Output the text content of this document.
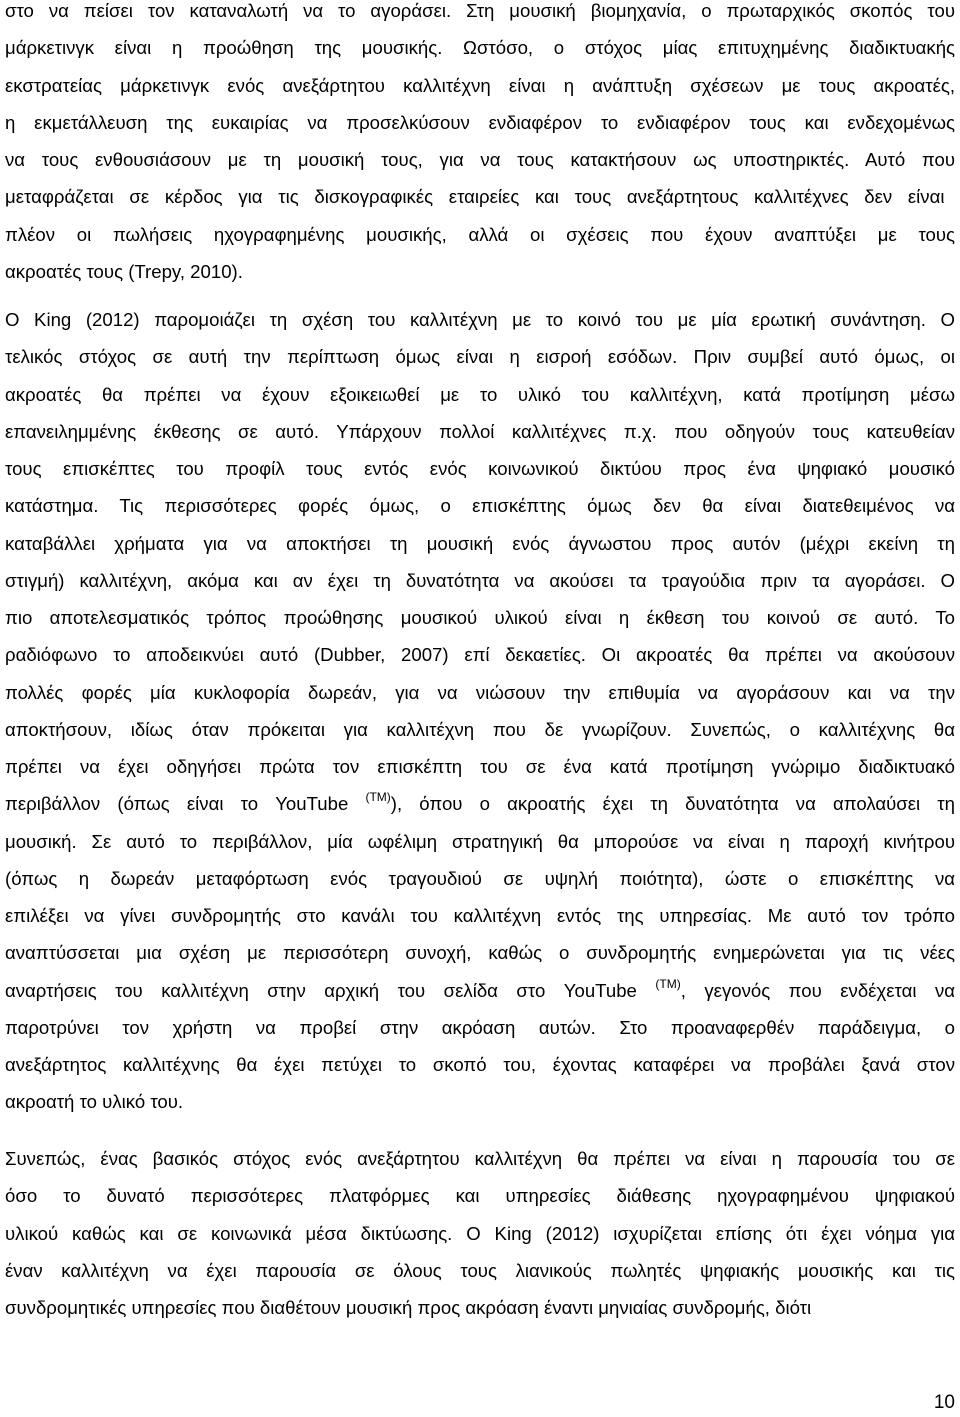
στο να πείσει τον καταναλωτή να το αγοράσει. Στη μουσική βιομηχανία, ο πρωταρχικός σκοπός του
μάρκετινγκ είναι η προώθηση της μουσικής. Ωστόσο, ο στόχος μίας επιτυχημένης διαδικτυακής
εκστρατείας μάρκετινγκ ενός ανεξάρτητου καλλιτέχνη είναι η ανάπτυξη σχέσεων με τους ακροατές,
η εκμετάλλευση της ευκαιρίας να προσελκύσουν ενδιαφέρον το ενδιαφέρον τους και ενδεχομένως
να τους ενθουσιάσουν με τη μουσική τους, για να τους κατακτήσουν ως υποστηρικτές. Αυτό που
μεταφράζεται σε κέρδος για τις δισκογραφικές εταιρείες και τους ανεξάρτητους καλλιτέχνες δεν είναι
πλέον οι πωλήσεις ηχογραφημένης μουσικής, αλλά οι σχέσεις που έχουν αναπτύξει με τους
ακροατές τους (Trepy, 2010).
Ο King (2012) παρομοιάζει τη σχέση του καλλιτέχνη με το κοινό του με μία ερωτική συνάντηση. Ο
τελικός στόχος σε αυτή την περίπτωση όμως είναι η εισροή εσόδων. Πριν συμβεί αυτό όμως, οι
ακροατές θα πρέπει να έχουν εξοικειωθεί με το υλικό του καλλιτέχνη, κατά προτίμηση μέσω
επανειλημμένης έκθεσης σε αυτό. Υπάρχουν πολλοί καλλιτέχνες π.χ. που οδηγούν τους κατευθείαν
τους επισκέπτες του προφίλ τους εντός ενός κοινωνικού δικτύου προς ένα ψηφιακό μουσικό
κατάστημα. Τις περισσότερες φορές όμως, ο επισκέπτης όμως δεν θα είναι διατεθειμένος να
καταβάλλει χρήματα για να αποκτήσει τη μουσική ενός άγνωστου προς αυτόν (μέχρι εκείνη τη
στιγμή) καλλιτέχνη, ακόμα και αν έχει τη δυνατότητα να ακούσει τα τραγούδια πριν τα αγοράσει. Ο
πιο αποτελεσματικός τρόπος προώθησης μουσικού υλικού είναι η έκθεση του κοινού σε αυτό. Το
ραδιόφωνο το αποδεικνύει αυτό (Dubber, 2007) επί δεκαετίες. Οι ακροατές θα πρέπει να ακούσουν
πολλές φορές μία κυκλοφορία δωρεάν, για να νιώσουν την επιθυμία να αγοράσουν και να την
αποκτήσουν, ιδίως όταν πρόκειται για καλλιτέχνη που δε γνωρίζουν. Συνεπώς, ο καλλιτέχνης θα
πρέπει να έχει οδηγήσει πρώτα τον επισκέπτη του σε ένα κατά προτίμηση γνώριμο διαδικτυακό
περιβάλλον (όπως είναι το YouTube $^{(TM)}$), όπου ο ακροατής έχει τη δυνατότητα να απολαύσει τη
μουσική. Σε αυτό το περιβάλλον, μία ωφέλιμη στρατηγική θα μπορούσε να είναι η παροχή κινήτρου
(όπως η δωρεάν μεταφόρτωση ενός τραγουδιού σε υψηλή ποιότητα), ώστε ο επισκέπτης να
επιλέξει να γίνει συνδρομητής στο κανάλι του καλλιτέχνη εντός της υπηρεσίας. Με αυτό τον τρόπο
αναπτύσσεται μια σχέση με περισσότερη συνοχή, καθώς ο συνδρομητής ενημερώνεται για τις νέες
αναρτήσεις του καλλιτέχνη στην αρχική του σελίδα στο YouTube $^{(TM)}$, γεγονός που ενδέχεται να
παροτρύνει τον χρήστη να προβεί στην ακρόαση αυτών. Στο προαναφερθέν παράδειγμα, ο
ανεξάρτητος καλλιτέχνης θα έχει πετύχει το σκοπό του, έχοντας καταφέρει να προβάλει ξανά στον
ακροατή το υλικό του.
Συνεπώς, ένας βασικός στόχος ενός ανεξάρτητου καλλιτέχνη θα πρέπει να είναι η παρουσία του σε
όσο το δυνατό περισσότερες πλατφόρμες και υπηρεσίες διάθεσης ηχογραφημένου ψηφιακού
υλικού καθώς και σε κοινωνικά μέσα δικτύωσης. Ο King (2012) ισχυρίζεται επίσης ότι έχει νόημα για
έναν καλλιτέχνη να έχει παρουσία σε όλους τους λιανικούς πωλητές ψηφιακής μουσικής και τις
συνδρομητικές υπηρεσίες που διαθέτουν μουσική προς ακρόαση έναντι μηνιαίας συνδρομής, διότι
10
